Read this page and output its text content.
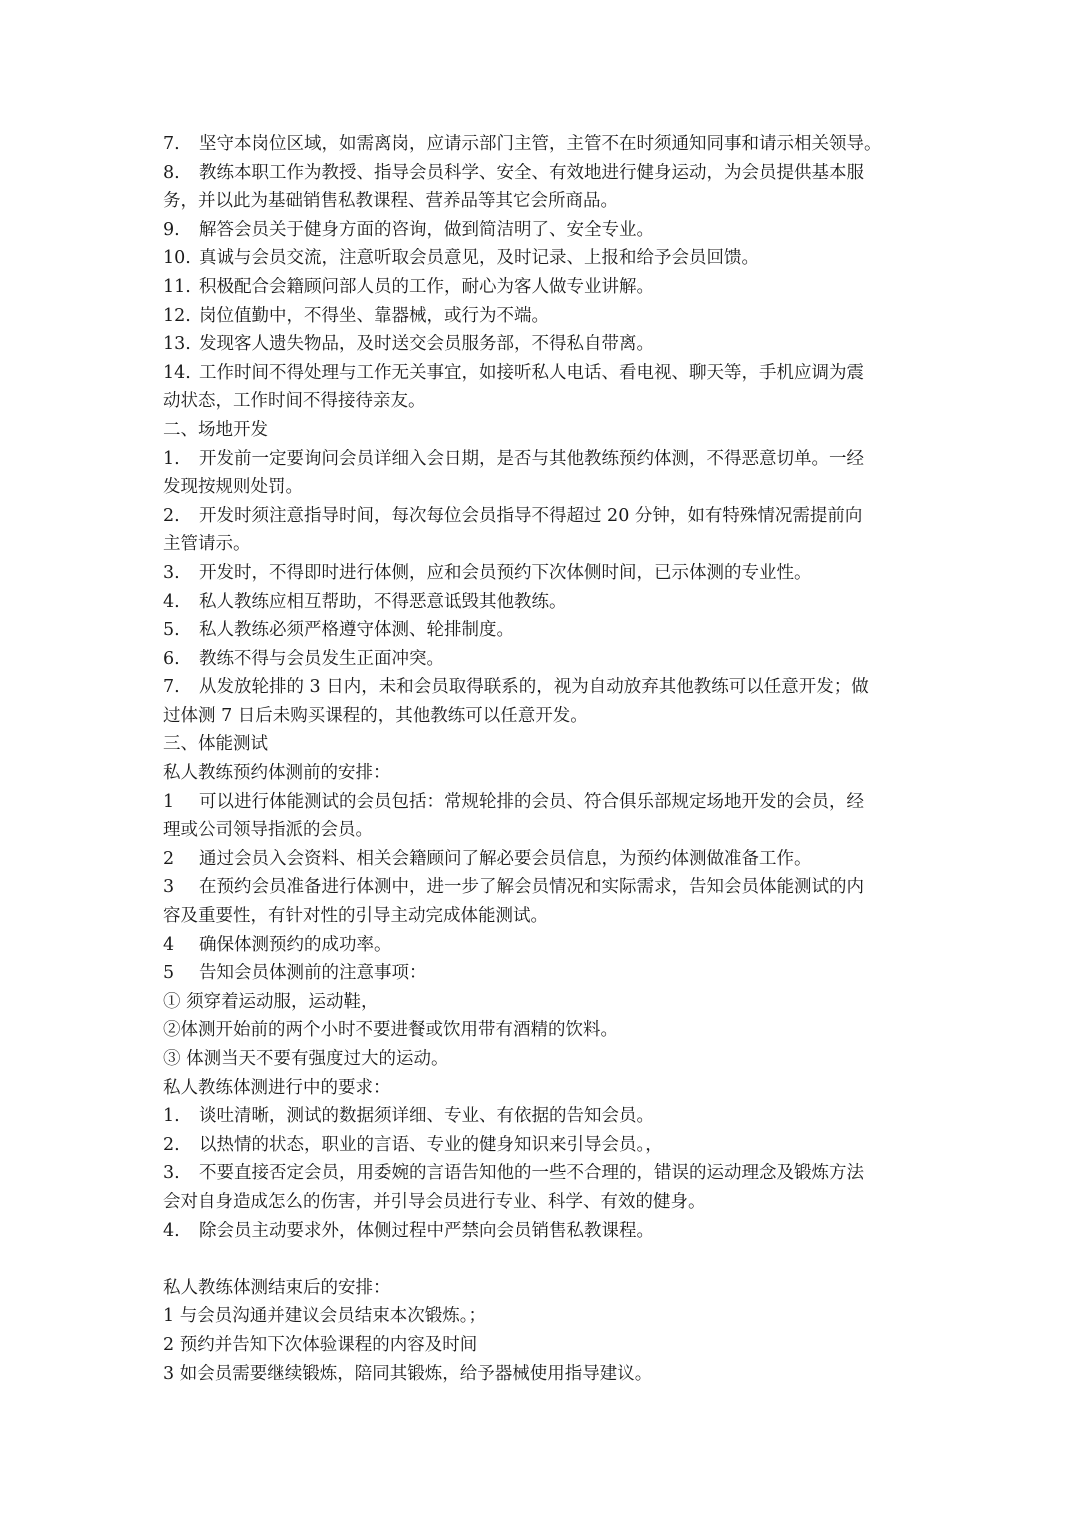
7.	坚守本岗位区域，如需离岗，应请示部门主管，主管不在时须通知同事和请示相关领导。
8.	教练本职工作为教授、指导会员科学、安全、有效地进行健身运动，为会员提供基本服
务，并以此为基础销售私教课程、营养品等其它会所商品。
9.	解答会员关于健身方面的咨询，做到简洁明了、安全专业。
10. 真诚与会员交流，注意听取会员意见，及时记录、上报和给予会员回馈。
11. 积极配合会籍顾问部人员的工作，耐心为客人做专业讲解。
12. 岗位值勤中，不得坐、靠器械，或行为不端。
13. 发现客人遗失物品，及时送交会员服务部，不得私自带离。
14. 工作时间不得处理与工作无关事宜，如接听私人电话、看电视、聊天等，手机应调为震
动状态，工作时间不得接待亲友。
二、场地开发
1.	开发前一定要询问会员详细入会日期，是否与其他教练预约体测，不得恶意切单。一经
发现按规则处罚。
2.	开发时须注意指导时间，每次每位会员指导不得超过 20 分钟，如有特殊情况需提前向
主管请示。
3.	开发时，不得即时进行体侧，应和会员预约下次体侧时间，已示体测的专业性。
4.	私人教练应相互帮助，不得恶意诋毁其他教练。
5.	私人教练必须严格遵守体测、轮排制度。
6.	教练不得与会员发生正面冲突。
7.	从发放轮排的 3 日内，未和会员取得联系的，视为自动放弃其他教练可以任意开发；做
过体测 7 日后未购买课程的，其他教练可以任意开发。
三、体能测试
私人教练预约体测前的安排：
1	可以进行体能测试的会员包括：常规轮排的会员、符合俱乐部规定场地开发的会员，经
理或公司领导指派的会员。
2	通过会员入会资料、相关会籍顾问了解必要会员信息，为预约体测做准备工作。
3	在预约会员准备进行体测中，进一步了解会员情况和实际需求，告知会员体能测试的内
容及重要性，有针对性的引导主动完成体能测试。
4	确保体测预约的成功率。
5	告知会员体测前的注意事项：
① 须穿着运动服，运动鞋，
②体测开始前的两个小时不要进餐或饮用带有酒精的饮料。
③ 体测当天不要有强度过大的运动。
私人教练体测进行中的要求：
1.	谈吐清晰，测试的数据须详细、专业、有依据的告知会员。
2.	以热情的状态，职业的言语、专业的健身知识来引导会员。，
3.	不要直接否定会员，用委婉的言语告知他的一些不合理的，错误的运动理念及锻炼方法
会对自身造成怎么的伤害，并引导会员进行专业、科学、有效的健身。
4.	除会员主动要求外，体侧过程中严禁向会员销售私教课程。
私人教练体测结束后的安排：
1 与会员沟通并建议会员结束本次锻炼。；
2 预约并告知下次体验课程的内容及时间
3 如会员需要继续锻炼，陪同其锻炼，给予器械使用指导建议。
